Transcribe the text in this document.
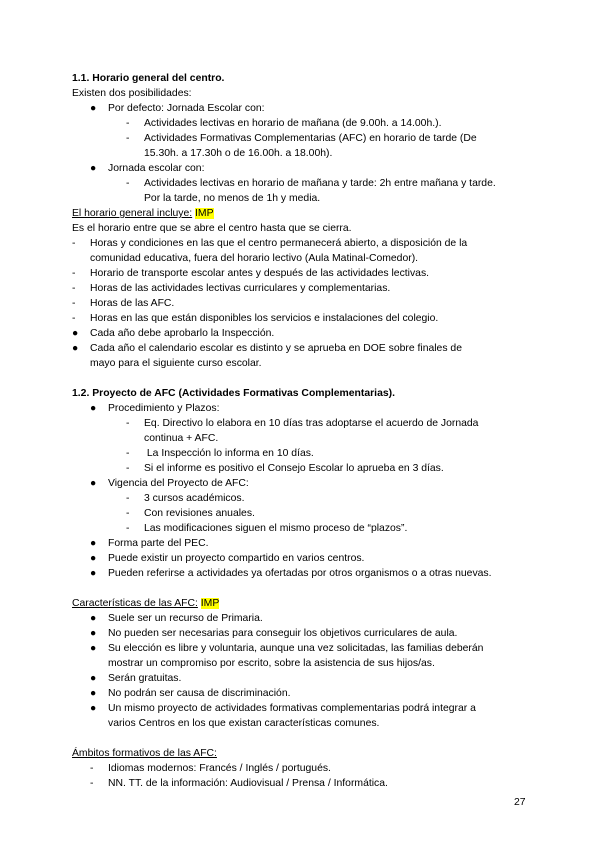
1.1. Horario general del centro.
Existen dos posibilidades:
● Por defecto: Jornada Escolar con:
- Actividades lectivas en horario de mañana (de 9.00h. a 14.00h.).
- Actividades Formativas Complementarias (AFC) en horario de tarde (De
15.30h. a 17.30h o de 16.00h. a 18.00h).
● Jornada escolar con:
- Actividades lectivas en horario de mañana y tarde: 2h entre mañana y tarde.
Por la tarde, no menos de 1h y media.
El horario general incluye: IMP
Es el horario entre que se abre el centro hasta que se cierra.
- Horas y condiciones en las que el centro permanecerá abierto, a disposición de la
comunidad educativa, fuera del horario lectivo (Aula Matinal-Comedor).
- Horario de transporte escolar antes y después de las actividades lectivas.
- Horas de las actividades lectivas curriculares y complementarias.
- Horas de las AFC.
- Horas en las que están disponibles los servicios e instalaciones del colegio.
● Cada año debe aprobarlo la Inspección.
● Cada año el calendario escolar es distinto y se aprueba en DOE sobre finales de
mayo para el siguiente curso escolar.
1.2. Proyecto de AFC (Actividades Formativas Complementarias).
● Procedimiento y Plazos:
- Eq. Directivo lo elabora en 10 días tras adoptarse el acuerdo de Jornada
continua + AFC.
- La Inspección lo informa en 10 días.
- Si el informe es positivo el Consejo Escolar lo aprueba en 3 días.
● Vigencia del Proyecto de AFC:
- 3 cursos académicos.
- Con revisiones anuales.
- Las modificaciones siguen el mismo proceso de “plazos”.
● Forma parte del PEC.
● Puede existir un proyecto compartido en varios centros.
● Pueden referirse a actividades ya ofertadas por otros organismos o a otras nuevas.
Características de las AFC: IMP
● Suele ser un recurso de Primaria.
● No pueden ser necesarias para conseguir los objetivos curriculares de aula.
● Su elección es libre y voluntaria, aunque una vez solicitadas, las familias deberán
mostrar un compromiso por escrito, sobre la asistencia de sus hijos/as.
● Serán gratuitas.
● No podrán ser causa de discriminación.
● Un mismo proyecto de actividades formativas complementarias podrá integrar a
varios Centros en los que existan características comunes.
Ámbitos formativos de las AFC:
- Idiomas modernos: Francés / Inglés / portugués.
- NN. TT. de la información: Audiovisual / Prensa / Informática.
27
